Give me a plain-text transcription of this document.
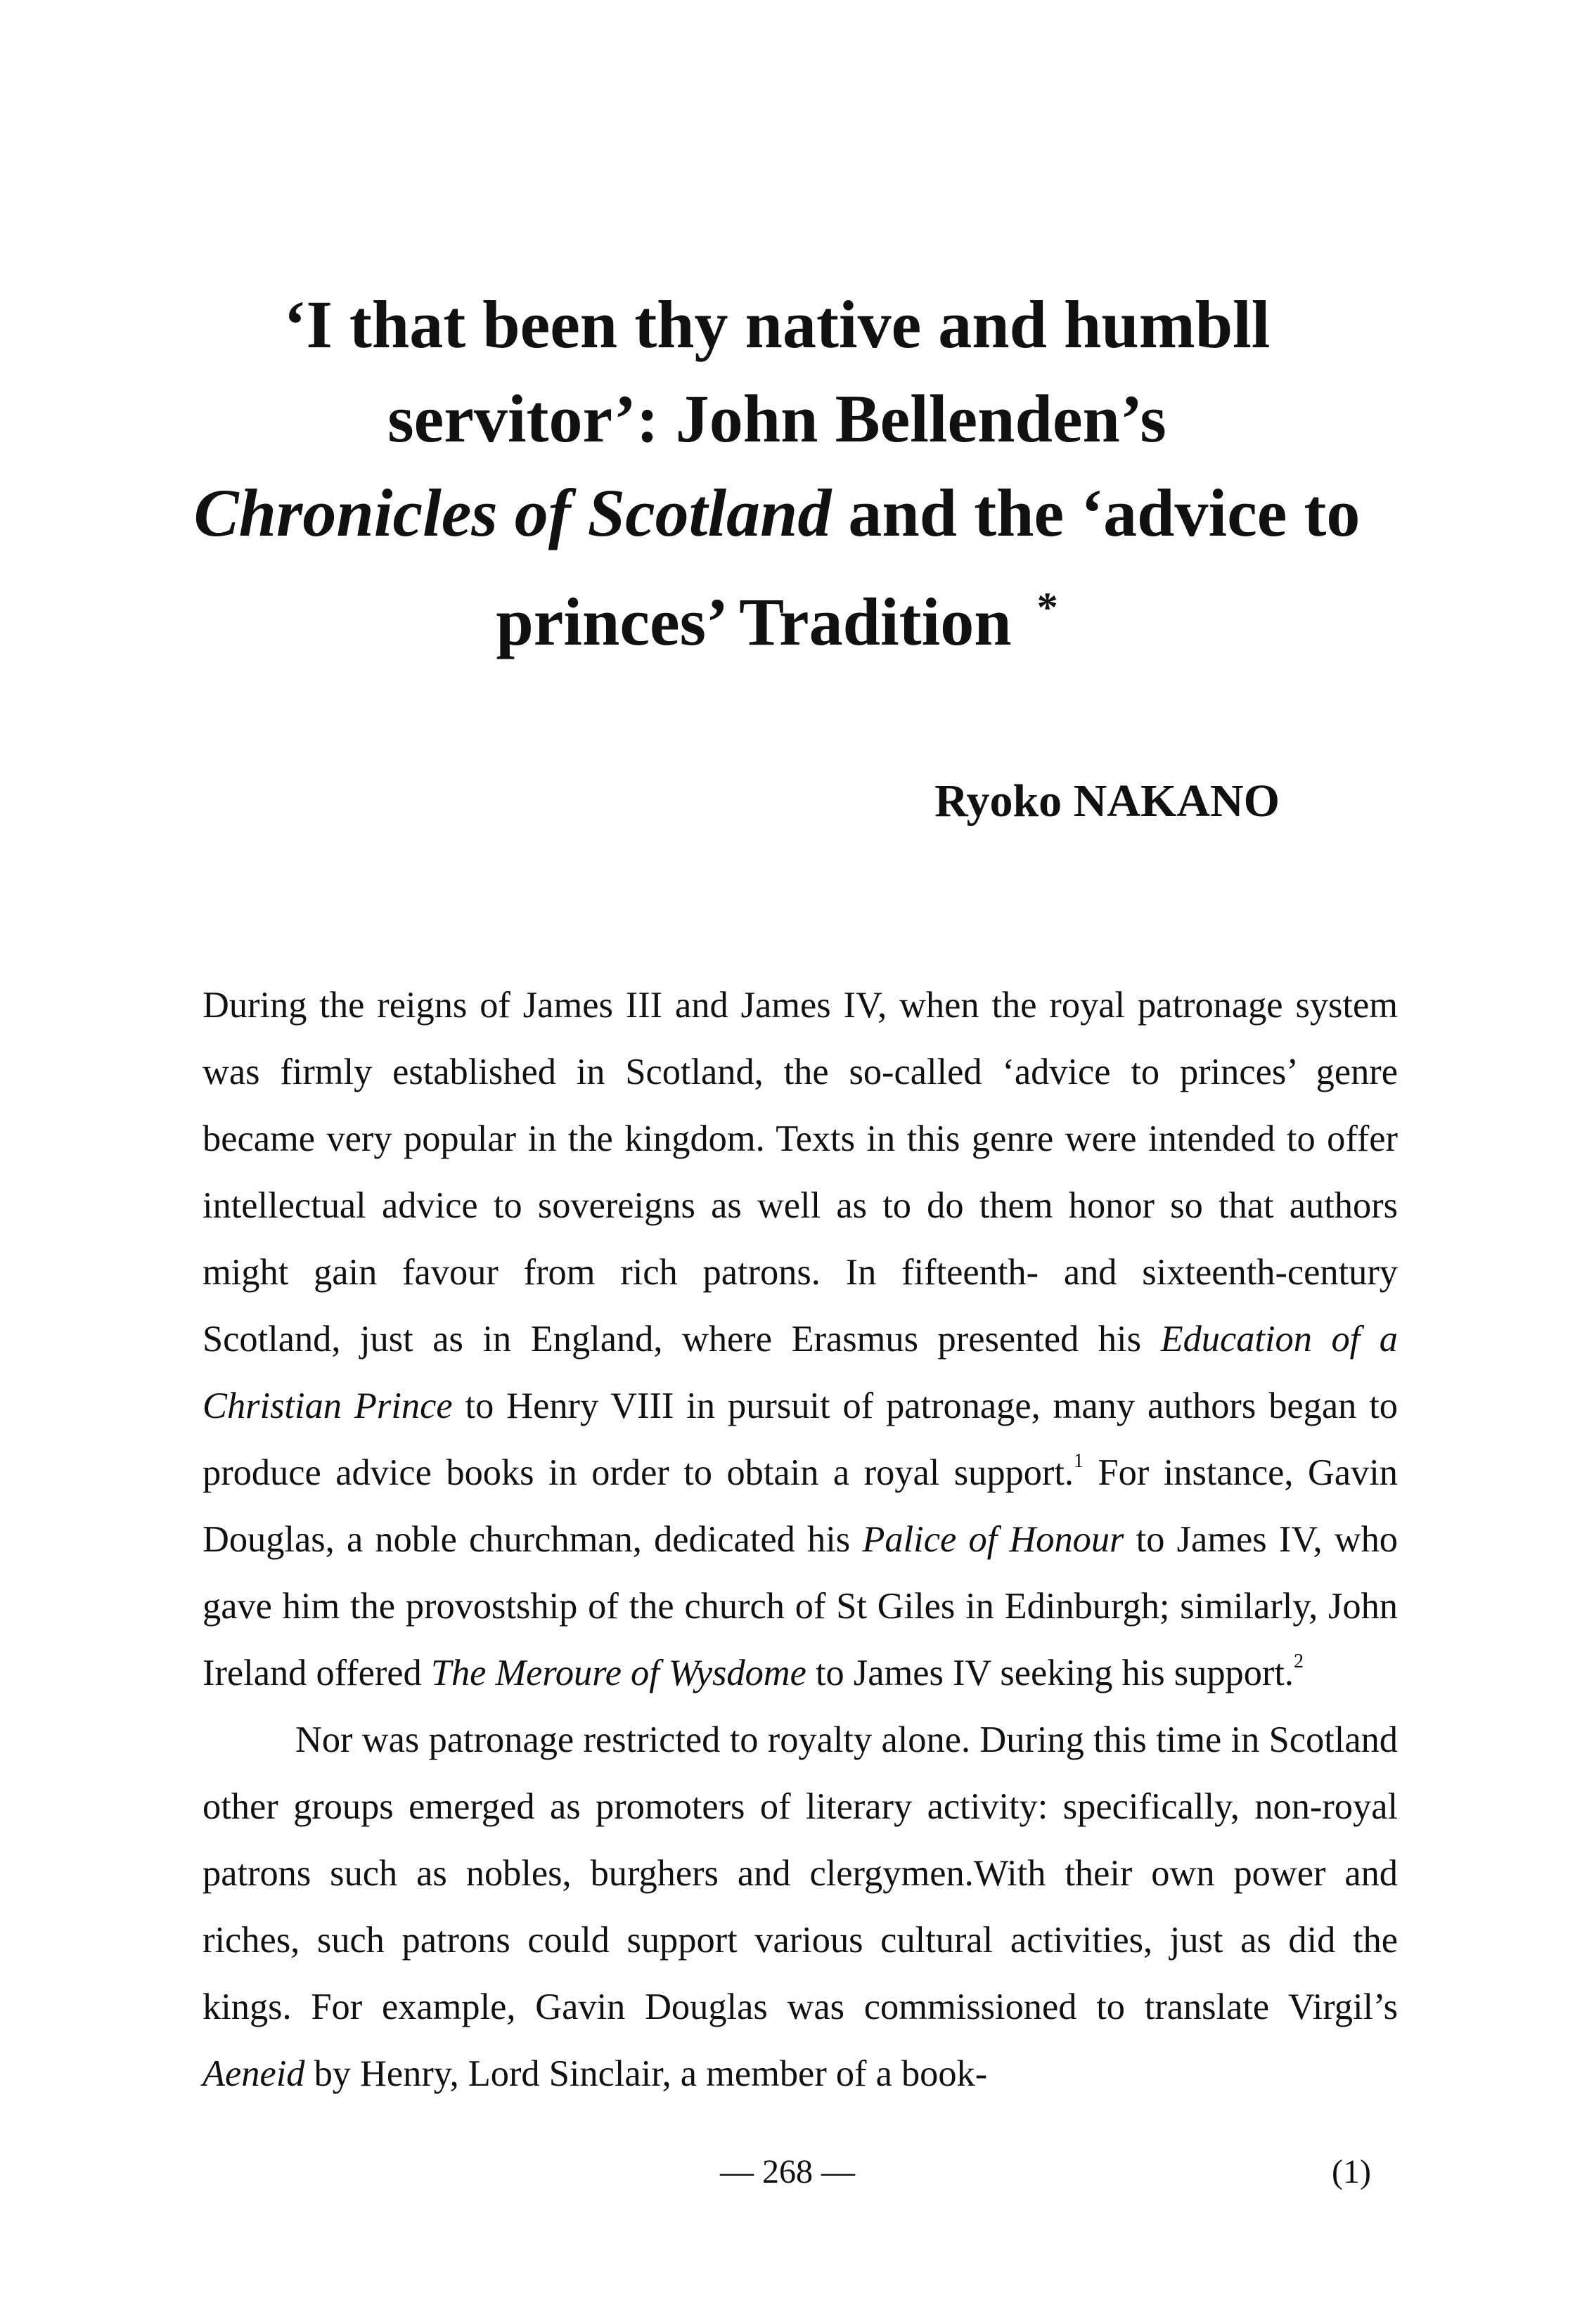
‘I that been thy native and humbll
servitor’: John Bellenden’s
Chronicles of Scotland and the ‘advice to
princes’ Tradition *
Ryoko NAKANO

During the reigns of James III and James IV, when the royal patronage system was firmly established in Scotland, the so-called ‘advice to princes’ genre became very popular in the kingdom. Texts in this genre were intended to offer intellectual advice to sovereigns as well as to do them honor so that authors might gain favour from rich patrons. In fifteenth- and sixteenth-century Scotland, just as in England, where Erasmus presented his Education of a Christian Prince to Henry VIII in pursuit of patronage, many authors began to produce advice books in order to obtain a royal support.$^1$ For instance, Gavin Douglas, a noble churchman, dedicated his Palice of Honour to James IV, who gave him the provostship of the church of St Giles in Edinburgh; similarly, John Ireland offered The Meroure of Wysdome to James IV seeking his support.$^2$

Nor was patronage restricted to royalty alone. During this time in Scotland other groups emerged as promoters of literary activity: specifically, non-royal patrons such as nobles, burghers and clergymen.With their own power and riches, such patrons could support various cultural activities, just as did the kings. For example, Gavin Douglas was commissioned to translate Virgil’s Aeneid by Henry, Lord Sinclair, a member of a book-

— 268 —	(1)
